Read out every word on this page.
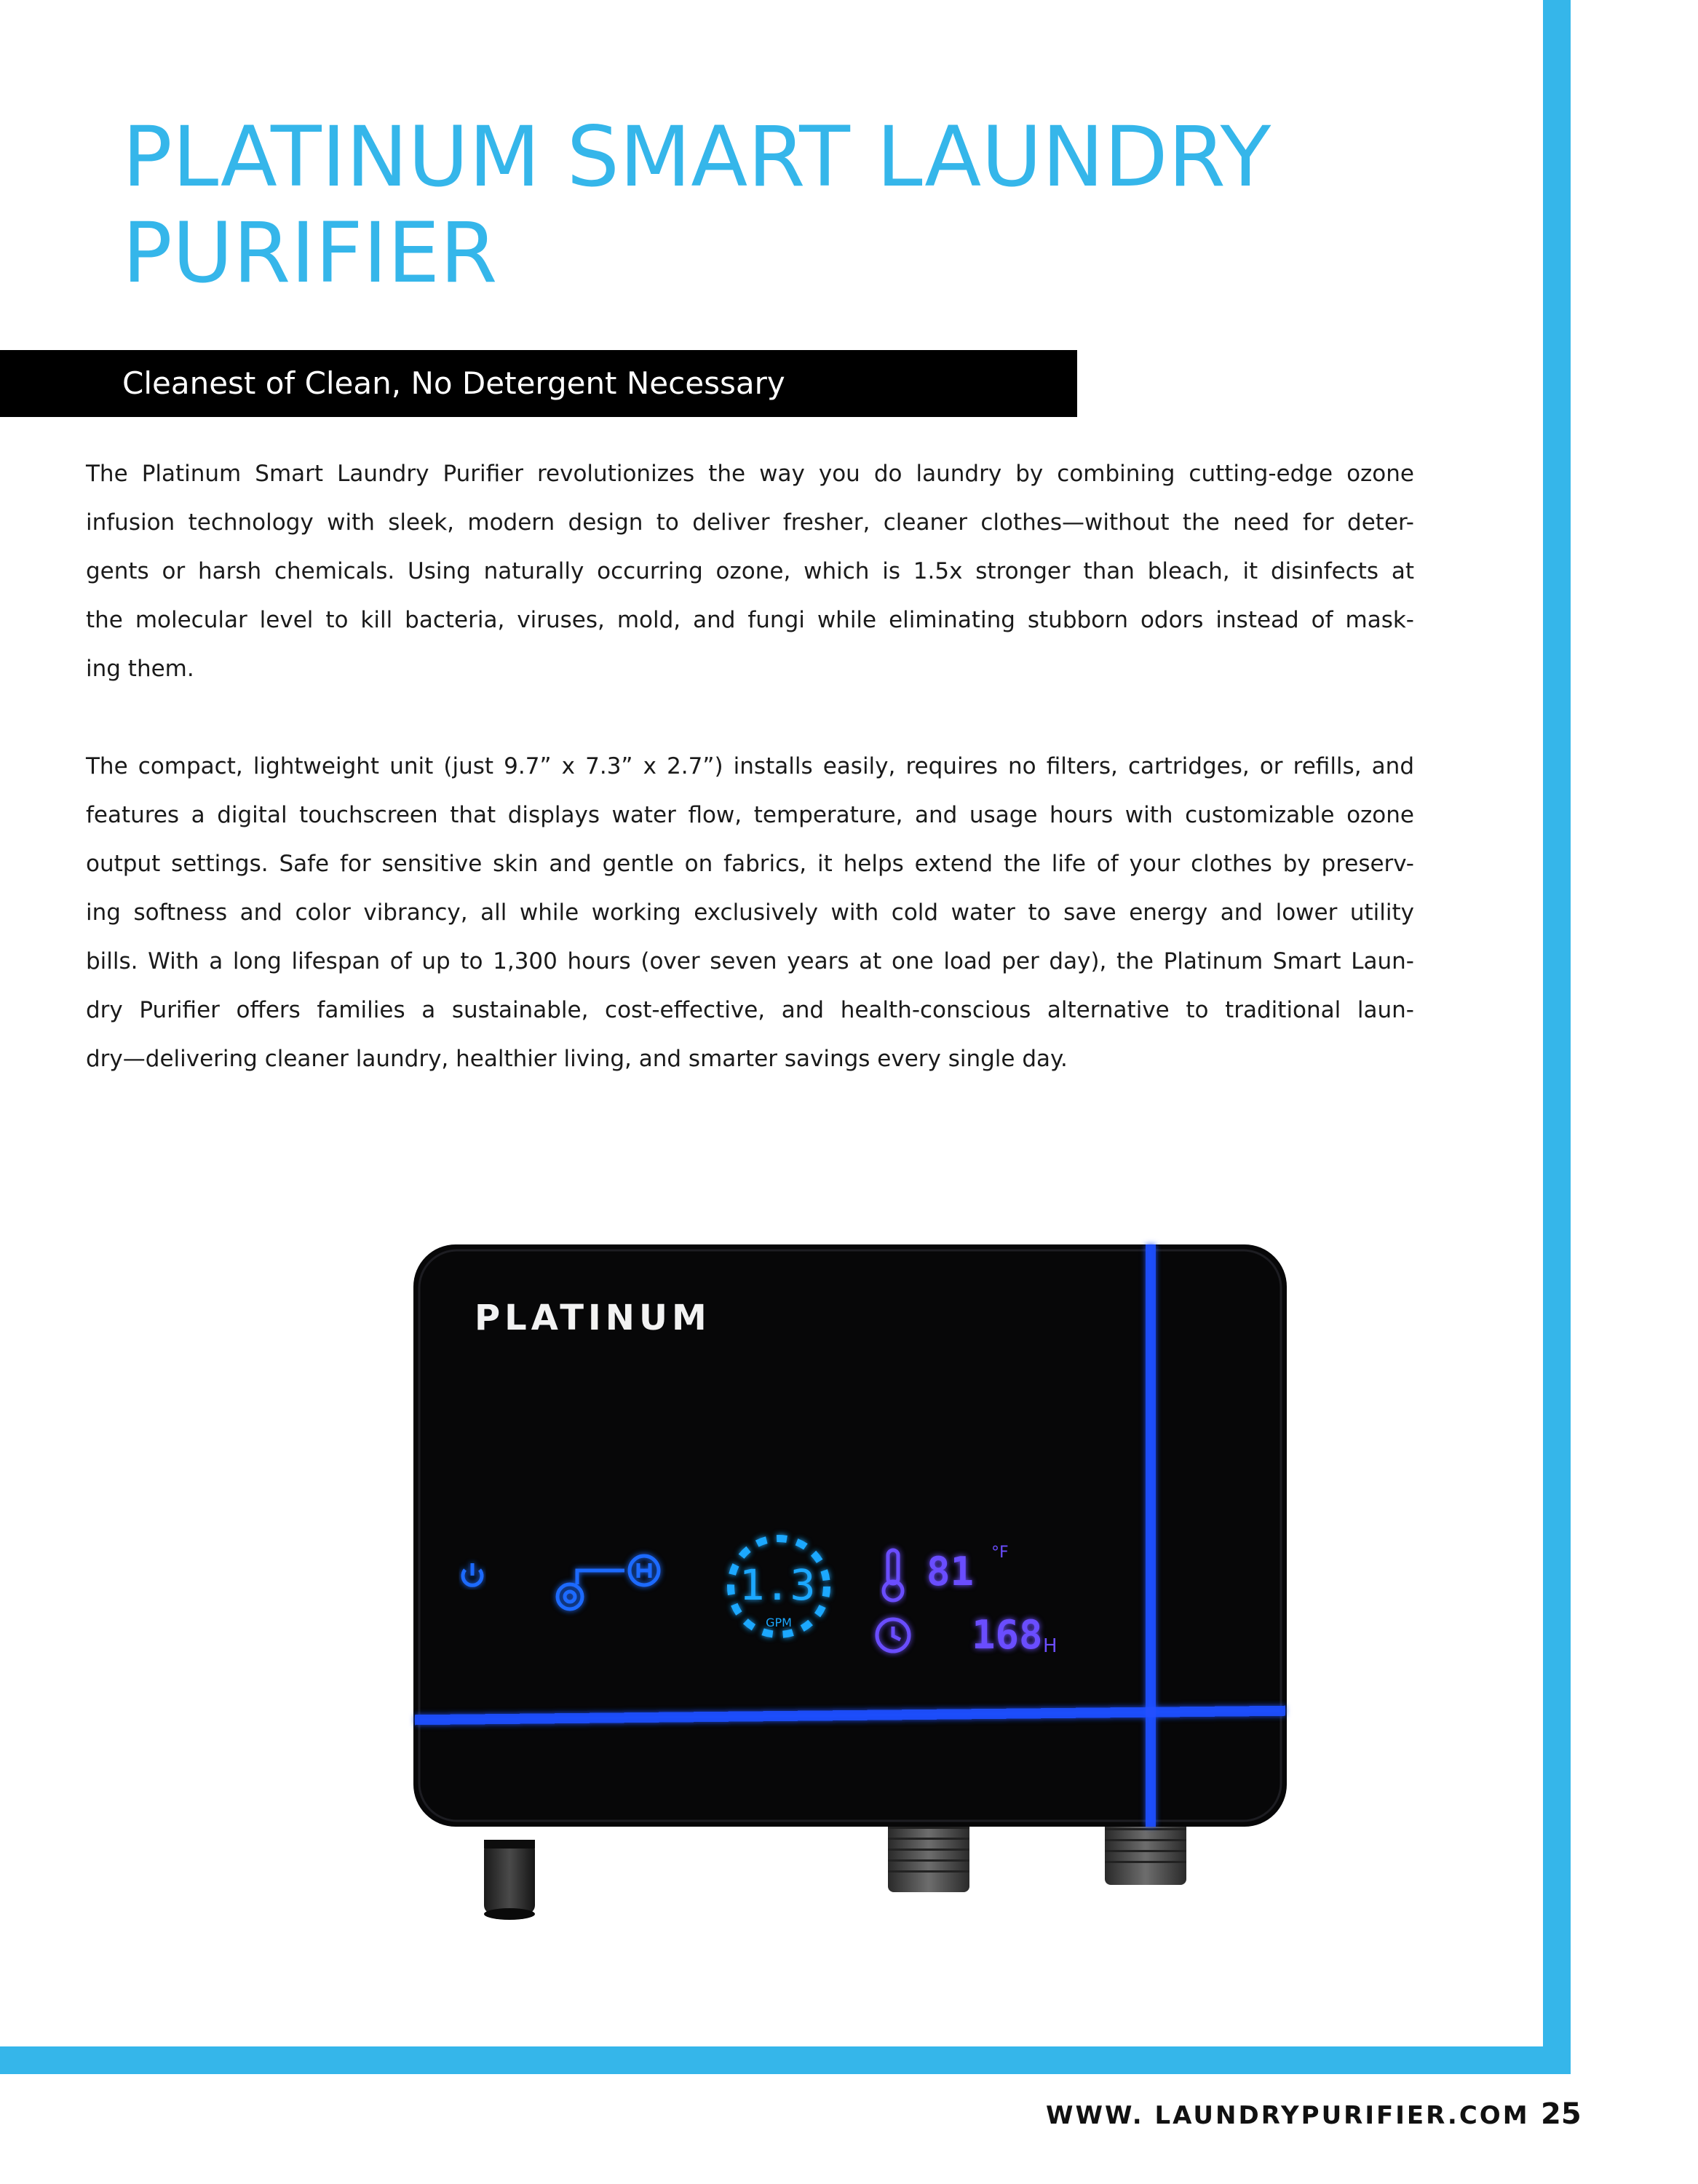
PLATINUM SMART LAUNDRY
PURIFIER
Cleanest of Clean, No Detergent Necessary
The Platinum Smart Laundry Purifier revolutionizes the way you do laundry by combining cutting-edge ozone
infusion technology with sleek, modern design to deliver fresher, cleaner clothes—without the need for deter-
gents or harsh chemicals. Using naturally occurring ozone, which is 1.5x stronger than bleach, it disinfects at
the molecular level to kill bacteria, viruses, mold, and fungi while eliminating stubborn odors instead of mask-
ing them.
The compact, lightweight unit (just 9.7” x 7.3” x 2.7”) installs easily, requires no filters, cartridges, or refills, and
features a digital touchscreen that displays water flow, temperature, and usage hours with customizable ozone
output settings. Safe for sensitive skin and gentle on fabrics, it helps extend the life of your clothes by preserv-
ing softness and color vibrancy, all while working exclusively with cold water to save energy and lower utility
bills. With a long lifespan of up to 1,300 hours (over seven years at one load per day), the Platinum Smart Laun-
dry Purifier offers families a sustainable, cost-effective, and health-conscious alternative to traditional laun-
dry—delivering cleaner laundry, healthier living, and smarter savings every single day.
PLATINUM
1.3
GPM
81 °F
168 H
WWW. LAUNDRYPURIFIER.COM 25
